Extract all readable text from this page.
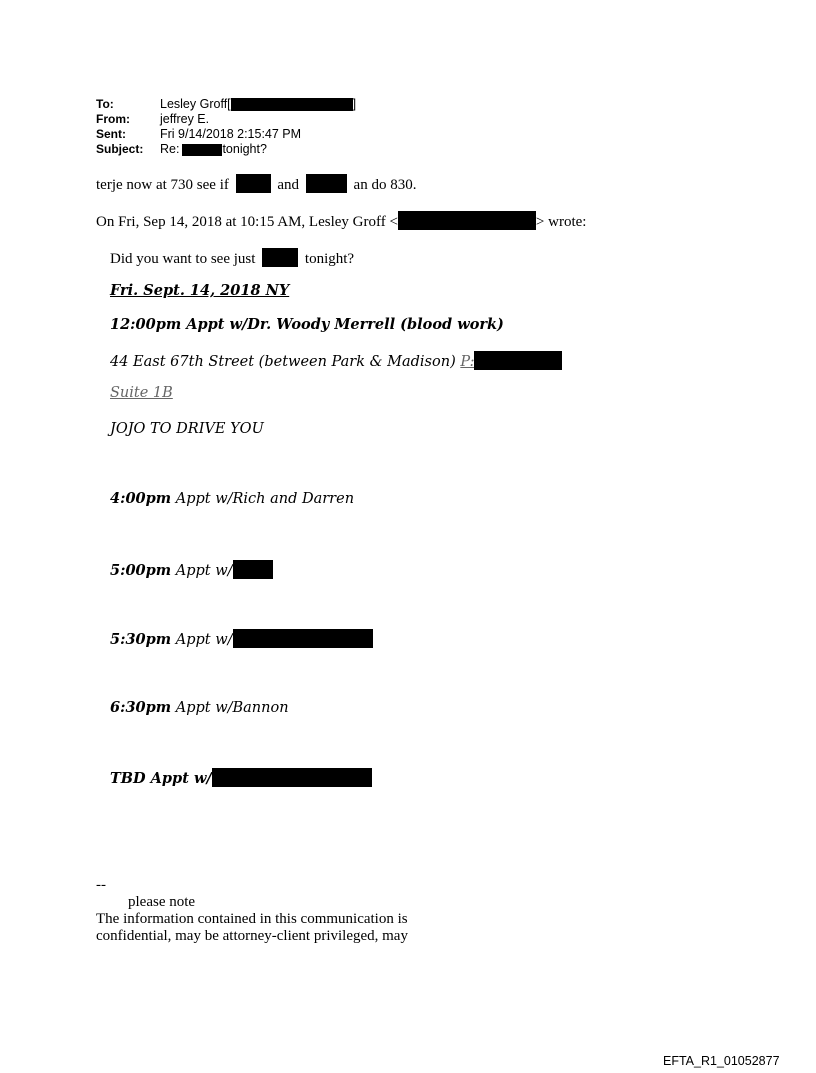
To:	Lesley Groff[	]
From: jeffrey E.
Sent:	Fri 9/14/2018 2:15:47 PM
Subject: Re:	tonight?
terje now at 730 see if	and	an do 830.
On Fri, Sep 14, 2018 at 10:15 AM, Lesley Groff <	> wrote:
Did you want to see just	tonight?
Fri. Sept. 14, 2018 NY
12:00pm Appt w/Dr. Woody Merrell (blood work)
44 East 67th Street (between Park & Madison) P:
Suite 1B
JOJO TO DRIVE YOU
4:00pm Appt w/Rich and Darren
5:00pm Appt w/
5:30pm Appt w/
6:30pm Appt w/Bannon
TBD Appt w/
--
please note
The information contained in this communication is
confidential, may be attorney-client privileged, may
EFTA_R1_01052877
